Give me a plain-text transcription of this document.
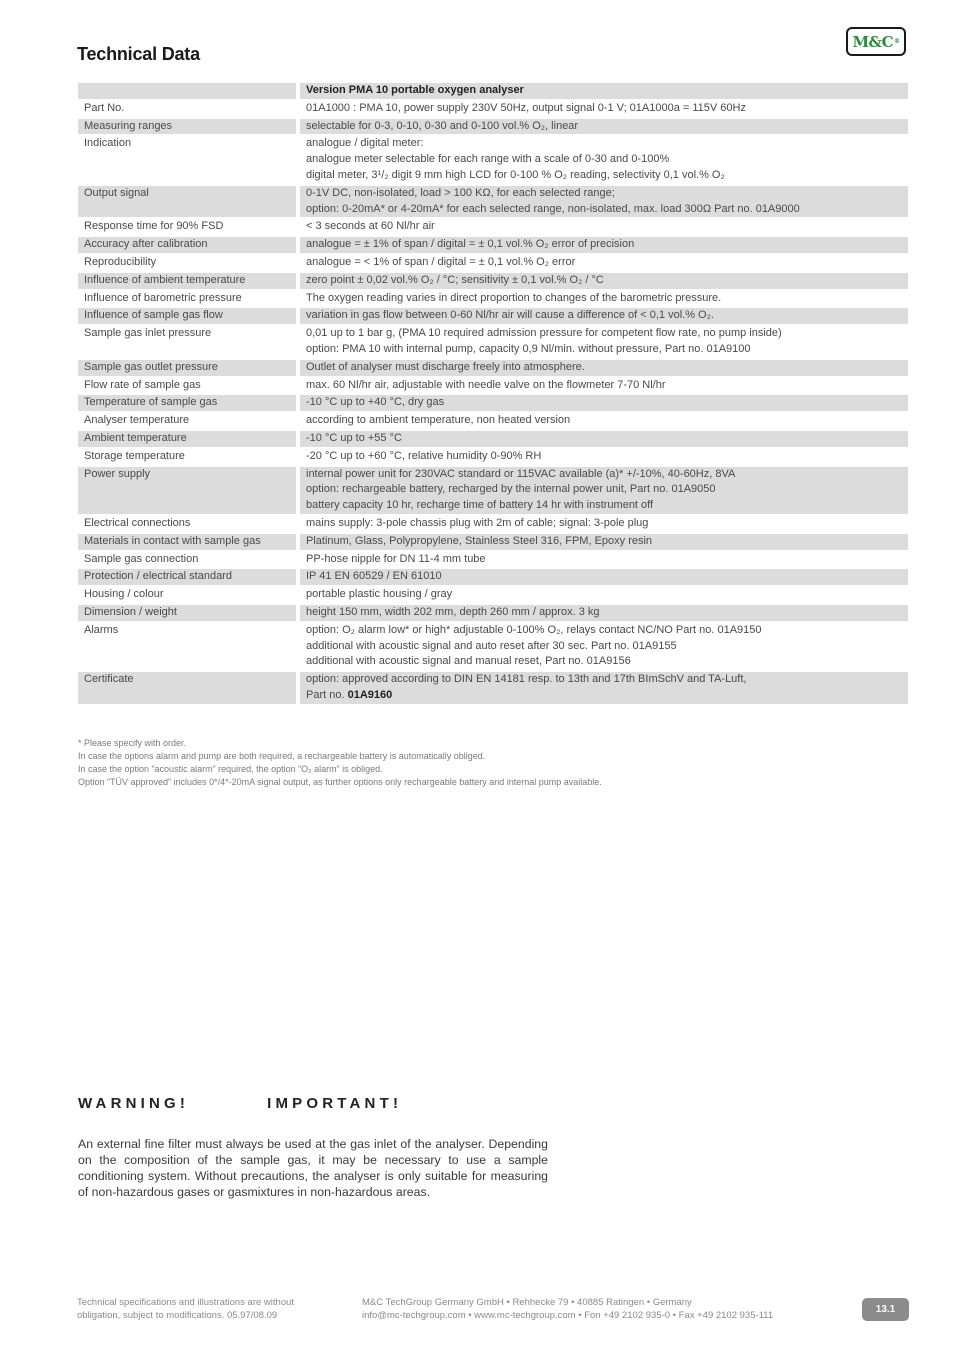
Technical Data
M&C ®
	Version PMA 10 portable oxygen analyser
Part No.	01A1000 : PMA 10, power supply 230V 50Hz, output signal 0-1 V; 01A1000a = 115V 60Hz

Measuring ranges	selectable for 0-3, 0-10, 0-30 and 0-100 vol.% O₂, linear

Indication	analogue / digital meter:
analogue meter selectable for each range with a scale of 0-30 and 0-100%
digital meter, 3¹/₂ digit 9 mm high LCD for 0-100 % O₂ reading, selectivity 0,1 vol.% O₂

Output signal	0-1V DC, non-isolated, load > 100 KΩ, for each selected range;
option: 0-20mA* or 4-20mA* for each selected range, non-isolated, max. load 300Ω Part no. 01A9000

Response time for 90% FSD	< 3 seconds at 60 Nl/hr air

Accuracy after calibration	analogue = ± 1% of span / digital = ± 0,1 vol.% O₂ error of precision

Reproducibility	analogue = < 1% of span / digital = ± 0,1 vol.% O₂ error

Influence of ambient temperature	zero point ± 0,02 vol.% O₂ / °C; sensitivity ± 0,1 vol.% O₂ / °C

Influence of barometric pressure	The oxygen reading varies in direct proportion to changes of the barometric pressure.

Influence of sample gas flow	variation in gas flow between 0-60 Nl/hr air will cause a difference of < 0,1 vol.% O₂.

Sample gas inlet pressure	0,01 up to 1 bar g, (PMA 10 required admission pressure for competent flow rate, no pump inside)
option: PMA 10 with internal pump, capacity 0,9 Nl/min. without pressure, Part no. 01A9100

Sample gas outlet pressure	Outlet of analyser must discharge freely into atmosphere.

Flow rate of sample gas	max. 60 Nl/hr air, adjustable with needle valve on the flowmeter 7-70 Nl/hr

Temperature of sample gas	-10 °C up to +40 °C, dry gas

Analyser temperature	according to ambient temperature, non heated version

Ambient temperature	-10 °C up to +55 °C

Storage temperature	-20 °C up to +60 °C, relative humidity 0-90% RH

Power supply	internal power unit for 230VAC standard or 115VAC available (a)* +/-10%, 40-60Hz, 8VA
option: rechargeable battery, recharged by the internal power unit, Part no. 01A9050
battery capacity 10 hr, recharge time of battery 14 hr with instrument off

Electrical connections	mains supply: 3-pole chassis plug with 2m of cable; signal: 3-pole plug

Materials in contact with sample gas	Platinum, Glass, Polypropylene, Stainless Steel 316, FPM, Epoxy resin

Sample gas connection	PP-hose nipple for DN 11-4 mm tube

Protection / electrical standard	IP 41 EN 60529 / EN 61010

Housing / colour	portable plastic housing / gray

Dimension / weight	height 150 mm, width 202 mm, depth 260 mm / approx. 3 kg

Alarms	option: O₂ alarm low* or high* adjustable 0-100% O₂, relays contact NC/NO Part no. 01A9150
additional with acoustic signal and auto reset after 30 sec. Part no. 01A9155
additional with acoustic signal and manual reset, Part no. 01A9156

Certificate	option: approved according to DIN EN 14181 resp. to 13th and 17th BImSchV and TA-Luft,
Part no. 01A9160
* Please specify with order.
In case the options alarm and pump are both required, a rechargeable battery is automatically obliged.
In case the option “acoustic alarm” required, the option “O₂ alarm” is obliged.
Option “TÜV approved” includes 0*/4*-20mA signal output, as further options only rechargeable battery and internal pump available.
WARNING!	IMPORTANT!
An external fine filter must always be used at the gas inlet of the analyser. Depending on the composition of the sample gas, it may be necessary to use a sample conditioning system. Without precautions, the analyser is only suitable for measuring of non-hazardous gases or gasmixtures in non-hazardous areas.
Technical specifications and illustrations are without
obligation, subject to modifications. 05.97/08.09
M&C TechGroup Germany GmbH • Rehhecke 79 • 40885 Ratingen • Germany
info@mc-techgroup.com • www.mc-techgroup.com • Fon +49 2102 935-0 • Fax +49 2102 935-111	13.1
